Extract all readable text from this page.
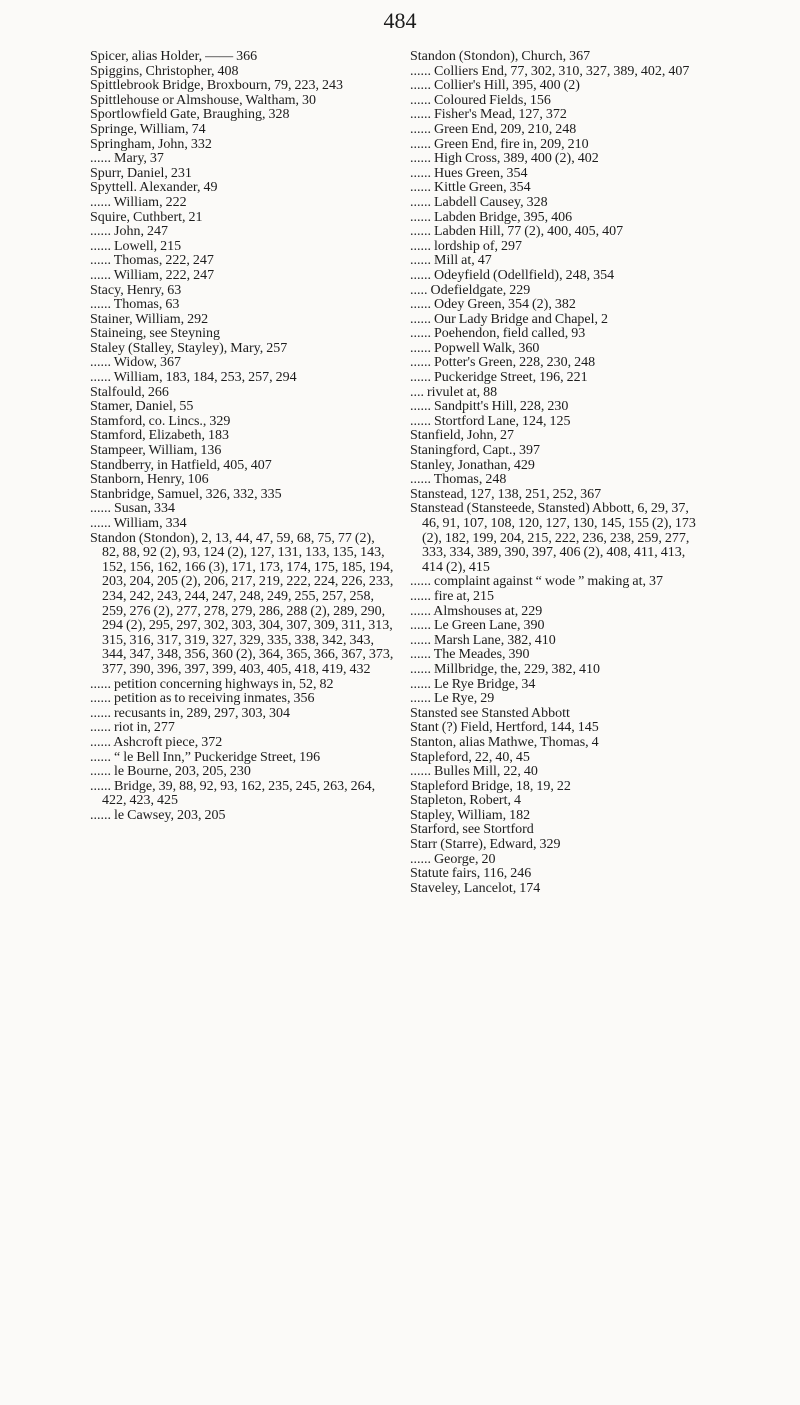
484
Spicer, alias Holder, —— 366
Spiggins, Christopher, 408
Spittlebrook Bridge, Broxbourn, 79, 223, 243
Spittlehouse or Almshouse, Waltham, 30
Sportlowfield Gate, Braughing, 328
Springe, William, 74
Springham, John, 332
...... Mary, 37
Spurr, Daniel, 231
Spyttell. Alexander, 49
...... William, 222
Squire, Cuthbert, 21
...... John, 247
...... Lowell, 215
...... Thomas, 222, 247
...... William, 222, 247
Stacy, Henry, 63
...... Thomas, 63
Stainer, William, 292
Staineing, see Steyning
Staley (Stalley, Stayley), Mary, 257
...... Widow, 367
...... William, 183, 184, 253, 257, 294
Stalfould, 266
Stamer, Daniel, 55
Stamford, co. Lincs., 329
Stamford, Elizabeth, 183
Stampeer, William, 136
Standberry, in Hatfield, 405, 407
Stanborn, Henry, 106
Stanbridge, Samuel, 326, 332, 335
...... Susan, 334
...... William, 334
Standon (Stondon), 2, 13, 44, 47, 59, 68, 75, 77 (2), 82, 88, 92 (2), 93, 124 (2), 127, 131, 133, 135, 143, 152, 156, 162, 166 (3), 171, 173, 174, 175, 185, 194, 203, 204, 205 (2), 206, 217, 219, 222, 224, 226, 233, 234, 242, 243, 244, 247, 248, 249, 255, 257, 258, 259, 276 (2), 277, 278, 279, 286, 288 (2), 289, 290, 294 (2), 295, 297, 302, 303, 304, 307, 309, 311, 313, 315, 316, 317, 319, 327, 329, 335, 338, 342, 343, 344, 347, 348, 356, 360 (2), 364, 365, 366, 367, 373, 377, 390, 396, 397, 399, 403, 405, 418, 419, 432
...... petition concerning highways in, 52, 82
...... petition as to receiving inmates, 356
...... recusants in, 289, 297, 303, 304
...... riot in, 277
...... Ashcroft piece, 372
...... “ le Bell Inn,” Puckeridge Street, 196
...... le Bourne, 203, 205, 230
...... Bridge, 39, 88, 92, 93, 162, 235, 245, 263, 264, 422, 423, 425
...... le Cawsey, 203, 205
Standon (Stondon), Church, 367
...... Colliers End, 77, 302, 310, 327, 389, 402, 407
...... Collier's Hill, 395, 400 (2)
...... Coloured Fields, 156
...... Fisher's Mead, 127, 372
...... Green End, 209, 210, 248
...... Green End, fire in, 209, 210
...... High Cross, 389, 400 (2), 402
...... Hues Green, 354
...... Kittle Green, 354
...... Labdell Causey, 328
...... Labden Bridge, 395, 406
...... Labden Hill, 77 (2), 400, 405, 407
...... lordship of, 297
...... Mill at, 47
...... Odeyfield (Odellfield), 248, 354
..... Odefieldgate, 229
...... Odey Green, 354 (2), 382
...... Our Lady Bridge and Chapel, 2
...... Poehendon, field called, 93
...... Popwell Walk, 360
...... Potter's Green, 228, 230, 248
...... Puckeridge Street, 196, 221
.... rivulet at, 88
...... Sandpitt's Hill, 228, 230
...... Stortford Lane, 124, 125
Stanfield, John, 27
Staningford, Capt., 397
Stanley, Jonathan, 429
...... Thomas, 248
Stanstead, 127, 138, 251, 252, 367
Stanstead (Stansteede, Stansted) Abbott, 6, 29, 37, 46, 91, 107, 108, 120, 127, 130, 145, 155 (2), 173 (2), 182, 199, 204, 215, 222, 236, 238, 259, 277, 333, 334, 389, 390, 397, 406 (2), 408, 411, 413, 414 (2), 415
...... complaint against “ wode ” making at, 37
...... fire at, 215
...... Almshouses at, 229
...... Le Green Lane, 390
...... Marsh Lane, 382, 410
...... The Meades, 390
...... Millbridge, the, 229, 382, 410
...... Le Rye Bridge, 34
...... Le Rye, 29
Stansted see Stansted Abbott
Stant (?) Field, Hertford, 144, 145
Stanton, alias Mathwe, Thomas, 4
Stapleford, 22, 40, 45
...... Bulles Mill, 22, 40
Stapleford Bridge, 18, 19, 22
Stapleton, Robert, 4
Stapley, William, 182
Starford, see Stortford
Starr (Starre), Edward, 329
...... George, 20
Statute fairs, 116, 246
Staveley, Lancelot, 174
